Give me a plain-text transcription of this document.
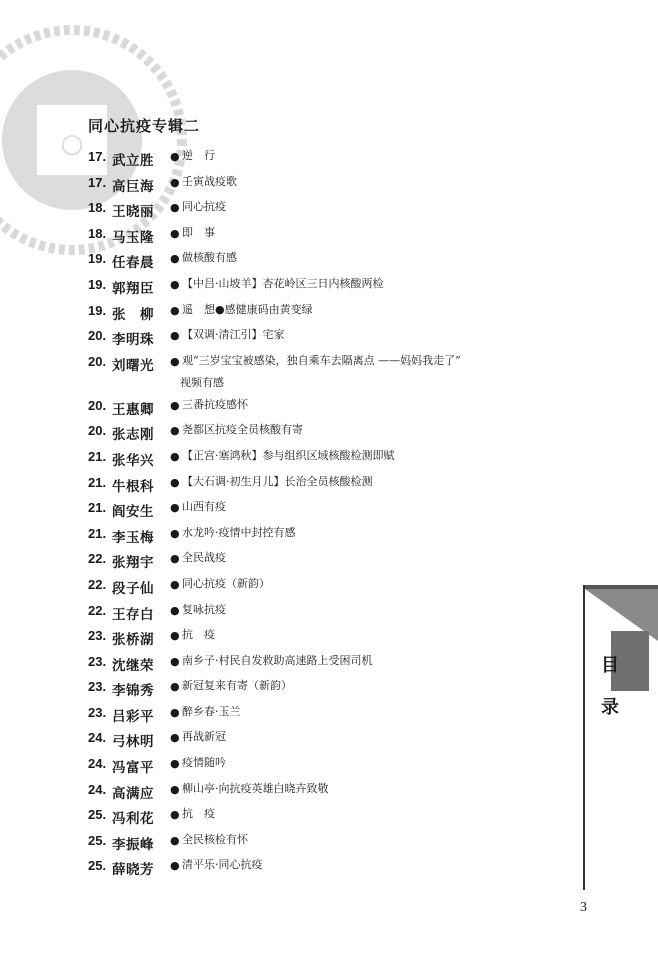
○
同心抗疫专辑二
17. 武立胜	● 逆　行
17. 高巨海	● 壬寅战疫歌
18. 王晓丽	● 同心抗疫
18. 马玉隆	● 即　事
19. 任春晨	● 做核酸有感
19. 郭翔臣	● 【中吕·山坡羊】杏花岭区三日内核酸两检
19. 张　柳	● 遥　想●感健康码由黄变绿
20. 李明珠	● 【双调·清江引】宅家
20. 刘曙光	● 观“三岁宝宝被感染，独自乘车去隔离点 ——妈妈我走了”
视频有感
20. 王惠卿	● 三番抗疫感怀
20. 张志刚	● 尧都区抗疫全员核酸有寄
21. 张华兴	● 【正宫·塞鸿秋】参与组织区域核酸检测即赋
21. 牛根科	● 【大石调·初生月儿】长治全员核酸检测
21. 阎安生	● 山西有疫
21. 李玉梅	● 水龙吟·疫情中封控有感
22. 张翔宇	● 全民战疫
22. 段子仙	● 同心抗疫（新韵）
22. 王存白	● 复咏抗疫
23. 张桥湖	● 抗　疫
23. 沈继荣	● 南乡子·村民自发救助高速路上受困司机
23. 李锦秀	● 新冠复来有寄（新韵）
23. 吕彩平	● 醉乡春·玉兰
24. 弓林明	● 再战新冠
24. 冯富平	● 疫情随吟
24. 高满应	● 柳山亭·向抗疫英雄白晓卉致敬
25. 冯利花	● 抗　疫
25. 李振峰	● 全民核检有怀
25. 薛晓芳	● 清平乐·同心抗疫
目
录
3
